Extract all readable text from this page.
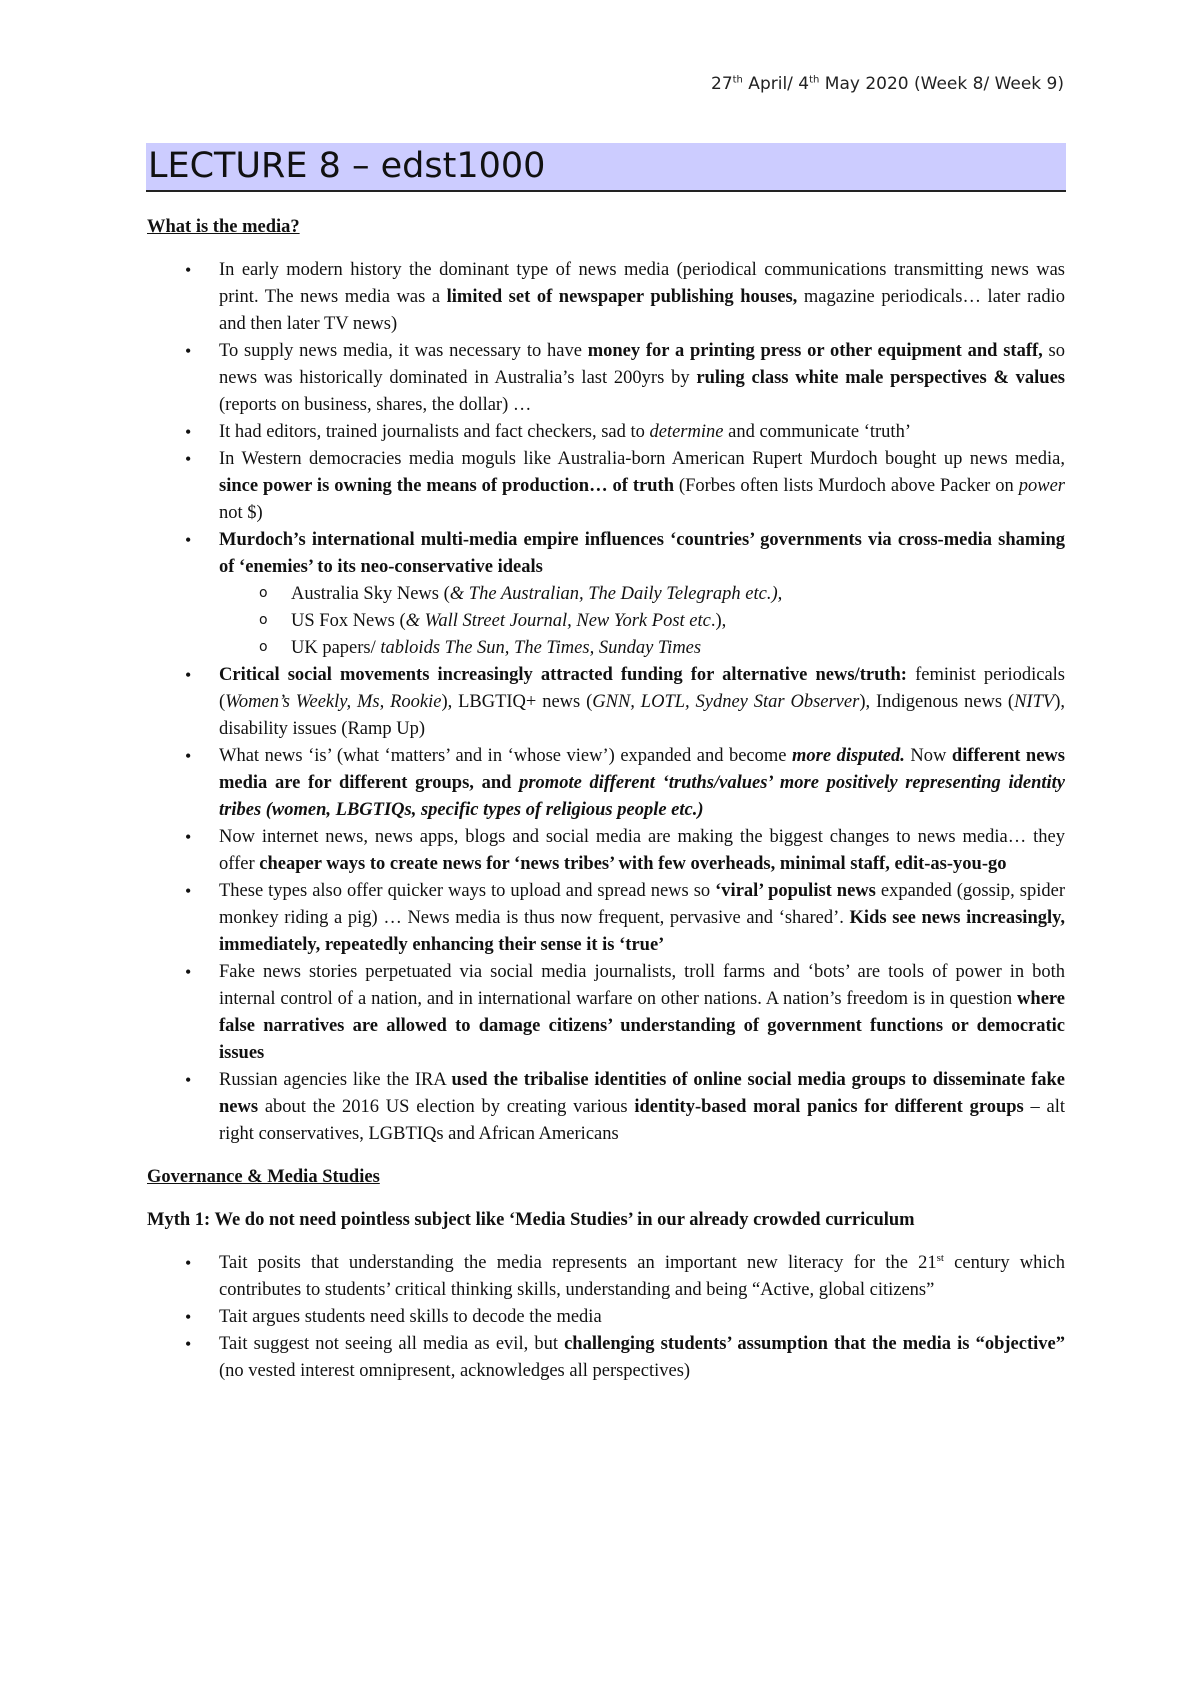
27th April/ 4th May 2020 (Week 8/ Week 9)
LECTURE 8 – edst1000
What is the media?
• In early modern history the dominant type of news media (periodical communications transmitting news was print. The news media was a limited set of newspaper publishing houses, magazine periodicals… later radio and then later TV news)
• To supply news media, it was necessary to have money for a printing press or other equipment and staff, so news was historically dominated in Australia’s last 200yrs by ruling class white male perspectives & values (reports on business, shares, the dollar) …
• It had editors, trained journalists and fact checkers, sad to determine and communicate ‘truth’
• In Western democracies media moguls like Australia-born American Rupert Murdoch bought up news media, since power is owning the means of production… of truth (Forbes often lists Murdoch above Packer on power not $)
• Murdoch’s international multi-media empire influences ‘countries’ governments via cross-media shaming of ‘enemies’ to its neo-conservative ideals
o Australia Sky News (& The Australian, The Daily Telegraph etc.),
o US Fox News (& Wall Street Journal, New York Post etc.),
o UK papers/ tabloids The Sun, The Times, Sunday Times
• Critical social movements increasingly attracted funding for alternative news/truth: feminist periodicals (Women’s Weekly, Ms, Rookie), LBGTIQ+ news (GNN, LOTL, Sydney Star Observer), Indigenous news (NITV), disability issues (Ramp Up)
• What news ‘is’ (what ‘matters’ and in ‘whose view’) expanded and become more disputed. Now different news media are for different groups, and promote different ‘truths/values’ more positively representing identity tribes (women, LBGTIQs, specific types of religious people etc.)
• Now internet news, news apps, blogs and social media are making the biggest changes to news media… they offer cheaper ways to create news for ‘news tribes’ with few overheads, minimal staff, edit-as-you-go
• These types also offer quicker ways to upload and spread news so ‘viral’ populist news expanded (gossip, spider monkey riding a pig) … News media is thus now frequent, pervasive and ‘shared’. Kids see news increasingly, immediately, repeatedly enhancing their sense it is ‘true’
• Fake news stories perpetuated via social media journalists, troll farms and ‘bots’ are tools of power in both internal control of a nation, and in international warfare on other nations. A nation’s freedom is in question where false narratives are allowed to damage citizens’ understanding of government functions or democratic issues
• Russian agencies like the IRA used the tribalise identities of online social media groups to disseminate fake news about the 2016 US election by creating various identity-based moral panics for different groups – alt right conservatives, LGBTIQs and African Americans
Governance & Media Studies
Myth 1: We do not need pointless subject like ‘Media Studies’ in our already crowded curriculum
• Tait posits that understanding the media represents an important new literacy for the 21st century which contributes to students’ critical thinking skills, understanding and being “Active, global citizens”
• Tait argues students need skills to decode the media
• Tait suggest not seeing all media as evil, but challenging students’ assumption that the media is “objective” (no vested interest omnipresent, acknowledges all perspectives)
